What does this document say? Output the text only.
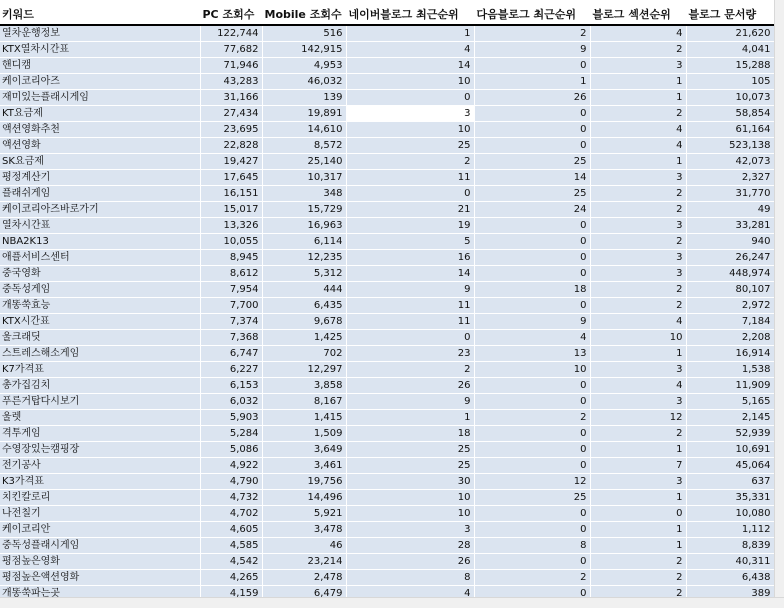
키워드	PC 조회수	Mobile 조회수	네이버블로그 최근순위	다음블로그 최근순위	블로그 섹션순위	블로그 문서량
열차운행정보	122,744	516	1	2	4	21,620
KTX열차시간표	77,682	142,915	4	9	2	4,041
핸디캠	71,946	4,953	14	0	3	15,288
케이코리아즈	43,283	46,032	10	1	1	105
재미있는플래시게임	31,166	139	0	26	1	10,073
KT요금제	27,434	19,891	3	0	2	58,854
액션영화추천	23,695	14,610	10	0	4	61,164
액션영화	22,828	8,572	25	0	4	523,138
SK요금제	19,427	25,140	2	25	1	42,073
평정계산기	17,645	10,317	11	14	3	2,327
플래쉬게임	16,151	348	0	25	2	31,770
케이코리아즈바로가기	15,017	15,729	21	24	2	49
열차시간표	13,326	16,963	19	0	3	33,281
NBA2K13	10,055	6,114	5	0	2	940
애플서비스센터	8,945	12,235	16	0	3	26,247
중국영화	8,612	5,312	14	0	3	448,974
중독성게임	7,954	444	9	18	2	80,107
개똥쑥효능	7,700	6,435	11	0	2	2,972
KTX시간표	7,374	9,678	11	9	4	7,184
울크래딧	7,368	1,425	0	4	10	2,208
스트레스해소게임	6,747	702	23	13	1	16,914
K7가격표	6,227	12,297	2	10	3	1,538
총가집김치	6,153	3,858	26	0	4	11,909
푸른거탑다시보기	6,032	8,167	9	0	3	5,165
울렛	5,903	1,415	1	2	12	2,145
격투게임	5,284	1,509	18	0	2	52,939
수영장있는캠핑장	5,086	3,649	25	0	1	10,691
전기공사	4,922	3,461	25	0	7	45,064
K3가격표	4,790	19,756	30	12	3	637
치킨칼로리	4,732	14,496	10	25	1	35,331
나전칠기	4,702	5,921	10	0	0	10,080
케이코리안	4,605	3,478	3	0	1	1,112
중독성플래시게임	4,585	46	28	8	1	8,839
평점높은영화	4,542	23,214	26	0	2	40,311
평점높은액션영화	4,265	2,478	8	2	2	6,438
개똥쑥파는곳	4,159	6,479	4	0	2	389
